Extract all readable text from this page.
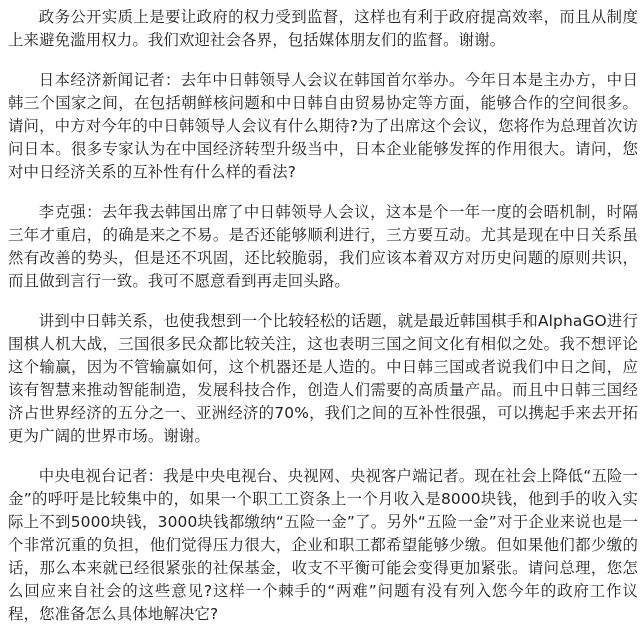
政务公开实质上是要让政府的权力受到监督，这样也有利于政府提高效率，而且从制度上来避免滥用权力。我们欢迎社会各界，包括媒体朋友们的监督。谢谢。

日本经济新闻记者：去年中日韩领导人会议在韩国首尔举办。今年日本是主办方，中日韩三个国家之间，在包括朝鲜核问题和中日韩自由贸易协定等方面，能够合作的空间很多。请问，中方对今年的中日韩领导人会议有什么期待?为了出席这个会议，您将作为总理首次访问日本。很多专家认为在中国经济转型升级当中，日本企业能够发挥的作用很大。请问，您对中日经济关系的互补性有什么样的看法?

李克强：去年我去韩国出席了中日韩领导人会议，这本是个一年一度的会晤机制，时隔三年才重启，的确是来之不易。是否还能够顺利进行，三方要互动。尤其是现在中日关系虽然有改善的势头，但是还不巩固，还比较脆弱，我们应该本着双方对历史问题的原则共识，而且做到言行一致。我可不愿意看到再走回头路。

讲到中日韩关系，也使我想到一个比较轻松的话题，就是最近韩国棋手和AlphaGO进行围棋人机大战，三国很多民众都比较关注，这也表明三国之间文化有相似之处。我不想评论这个输赢，因为不管输赢如何，这个机器还是人造的。中日韩三国或者说我们中日之间，应该有智慧来推动智能制造，发展科技合作，创造人们需要的高质量产品。而且中日韩三国经济占世界经济的五分之一、亚洲经济的70%，我们之间的互补性很强，可以携起手来去开拓更为广阔的世界市场。谢谢。

中央电视台记者：我是中央电视台、央视网、央视客户端记者。现在社会上降低“五险一金”的呼吁是比较集中的，如果一个职工工资条上一个月收入是8000块钱，他到手的收入实际上不到5000块钱，3000块钱都缴纳“五险一金”了。另外“五险一金”对于企业来说也是一个非常沉重的负担，他们觉得压力很大，企业和职工都希望能够少缴。但如果他们都少缴的话，那么本来就已经很紧张的社保基金，收支不平衡可能会变得更加紧张。请问总理，您怎么回应来自社会的这些意见?这样一个棘手的“两难”问题有没有列入您今年的政府工作议程，您准备怎么具体地解决它?
